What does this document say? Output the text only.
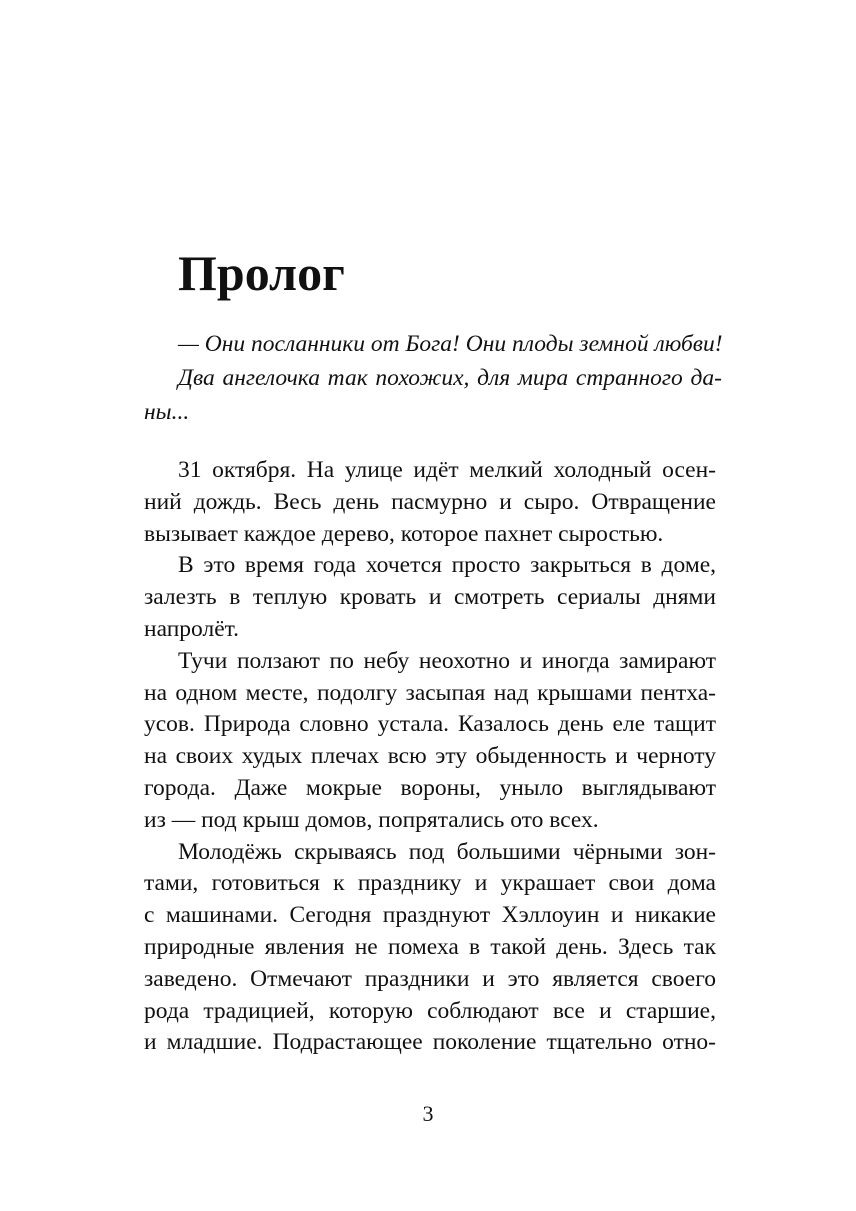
Пролог
— Они посланники от Бога! Они плоды земной любви!
Два ангелочка так похожих, для мира странного да-
ны...
31 октября. На улице идёт мелкий холодный осен-
ний дождь. Весь день пасмурно и сыро. Отвращение
вызывает каждое дерево, которое пахнет сыростью.
В это время года хочется просто закрыться в доме,
залезть в теплую кровать и смотреть сериалы днями
напролёт.
Тучи ползают по небу неохотно и иногда замирают
на одном месте, подолгу засыпая над крышами пентха-
усов. Природа словно устала. Казалось день еле тащит
на своих худых плечах всю эту обыденность и черноту
города. Даже мокрые вороны, уныло выглядывают
из — под крыш домов, попрятались ото всех.
Молодёжь скрываясь под большими чёрными зон-
тами, готовиться к празднику и украшает свои дома
с машинами. Сегодня празднуют Хэллоуин и никакие
природные явления не помеха в такой день. Здесь так
заведено. Отмечают праздники и это является своего
рода традицией, которую соблюдают все и старшие,
и младшие. Подрастающее поколение тщательно отно-
3
